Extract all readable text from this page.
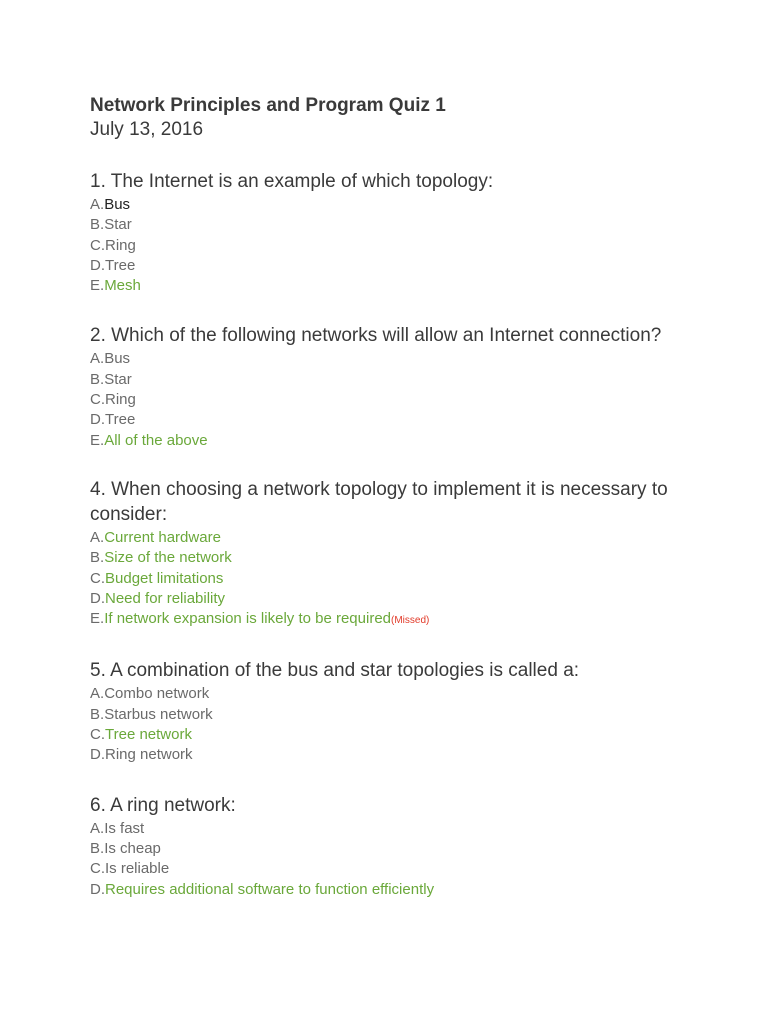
Network Principles and Program Quiz 1

July 13, 2016

1. The Internet is an example of which topology:

A.Bus
B.Star
C.Ring
D.Tree
E.Mesh

2. Which of the following networks will allow an Internet connection?

A.Bus
B.Star
C.Ring
D.Tree
E.All of the above

4. When choosing a network topology to implement it is necessary to consider:

A.Current hardware
B.Size of the network
C.Budget limitations
D.Need for reliability
E.If network expansion is likely to be required(Missed)

5. A combination of the bus and star topologies is called a:

A.Combo network
B.Starbus network
C.Tree network
D.Ring network

6. A ring network:

A.Is fast
B.Is cheap
C.Is reliable
D.Requires additional software to function efficiently
